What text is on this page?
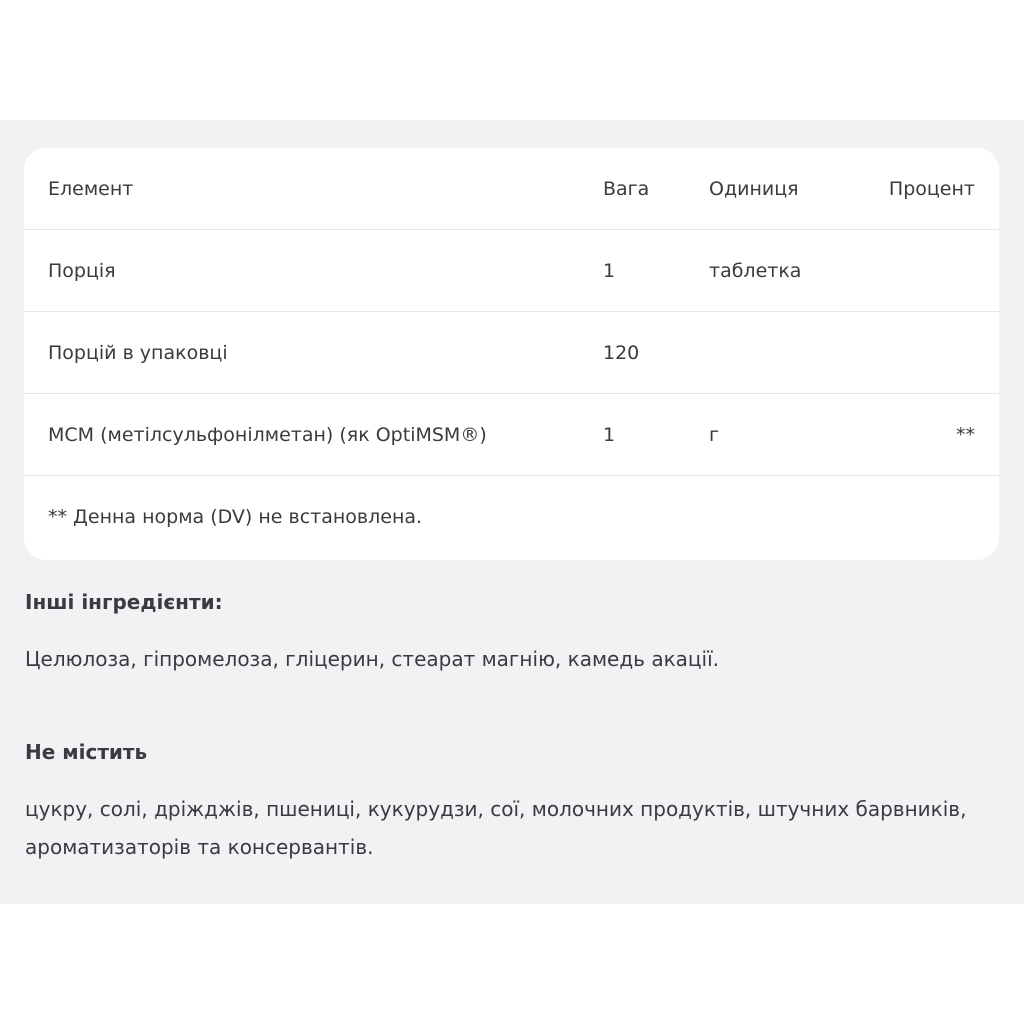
Елемент	Вага	Одиниця	Процент
Порція	1	таблетка
Порцій в упаковці	120
МСМ (метілсульфонілметан) (як OptiMSM®)	1	г	**
** Денна норма (DV) не встановлена.
Інші інгредієнти:
Целюлоза, гіпромелоза, гліцерин, стеарат магнію, камедь акації.
Не містить
цукру, солі, дріжджів, пшениці, кукурудзи, сої, молочних продуктів, штучних барвників, ароматизаторів та консервантів.
